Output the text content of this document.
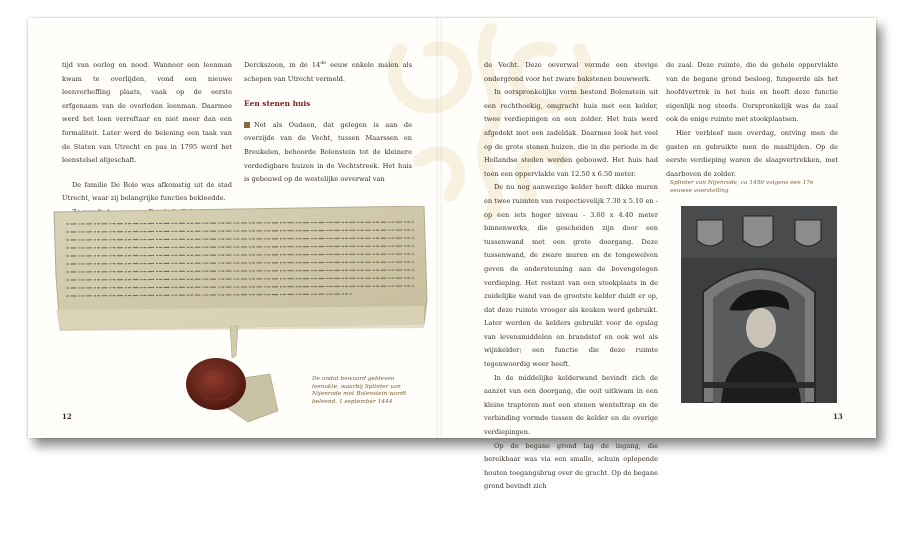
tijd van oorlog en nood. Wanneer een leenman kwam te overlijden, vond een nieuwe leenverheffing plaats, vaak op de eerste erfgenaam van de overleden leenman. Daarmee werd het leen verreftaar en niet meer dan een formaliteit. Later werd de belening een taak van de Staten van Utrecht en pas in 1795 werd het leenstelsel afgeschaft.

De familie De Bole was afkomstig uit de stad Utrecht, waar zij belangrijke functies bekleedde.

Derckszoon, in de 14de eeuw enkele malen als schepen van Utrecht vermeld.

Een stenen huis

Net als Oudaen, dat gelegen is aan de overzijde van de Vecht, tussen Maarssen en Breukelen, behoorde Bolenstein tot de kleinere verdedigbare huizen in de Vechtstreek. Het huis is gebouwd op de westelijke oeverwal van

De ondat bewaard gebleven leenakte, waarbij Splinter van Nijenrode met Bolenstein wordt beleend, 1 september 1444
12

de Vecht. Deze oeverwal vormde een stevige ondergrond voor het zware bakstenen bouwwerk.

In oorspronkelijke vorm bestond Bolenstein uit een rechthoekig, omgracht huis met een kelder, twee verdiepingen en een zolder. Het huis werd afgedekt met een zadeldak. Daarmee leek het veel op de grote stenen huizen, die in die periode in de Hollandse steden werden gebouwd. Het huis had toen een oppervlakte van 12.50 x 6.50 meter.

De nu nog aanwezige kelder heeft dikke muren en twee ruimten van respectievelijk 7.30 x 5.10 en - op een iets hoger niveau - 3.60 x 4.40 meter binnenwerks, die gescheiden zijn door een tussenwand met een grote doorgang. Deze tussenwand, de zware muren en de tongewelven geven de ondersteuning aan de bovengelegen verdieping. Het restant van een stookplaats in de zuidelijke wand van de grootste kelder duidt er op, dat deze ruimte vroeger als keuken werd gebruikt. Later werden de kelders gebruikt voor de opslag van levensmiddelen en brandstof en ook wel als wijnkelder; een functie die deze ruimte tegenwoordig weer heeft.

In de middelijke kelderwand bevindt zich de aanzet van een doorgang, die ooit uitkwam in een kleine traptoren met een stenen wenteltrap en de verbinding vormde tussen de kelder en de overige verdiepingen.

Op de begane grond lag de ingang, die bereikbaar was via een smalle, schuin oplopende houten toegangsbrug over de gracht. Op de begane grond bevindt zich

de zaal. Deze ruimte, die de gehele oppervlakte van de begane grond besloeg, fungeerde als het hoofdvertrek in het huis en heeft deze functie eigenlijk nog steeds. Oorspronkelijk was de zaal ook de enige ruimte met stookplaatsen.

Hier verbleef men overdag, ontving men de gasten en gebruikte men de maaltijden. Op de eerste verdieping waren de slaapvertrekken, met daarboven de zolder.

Splinter van Nijenrode, ca 1450 volgens een 17e eeuwse voorstelling
13
